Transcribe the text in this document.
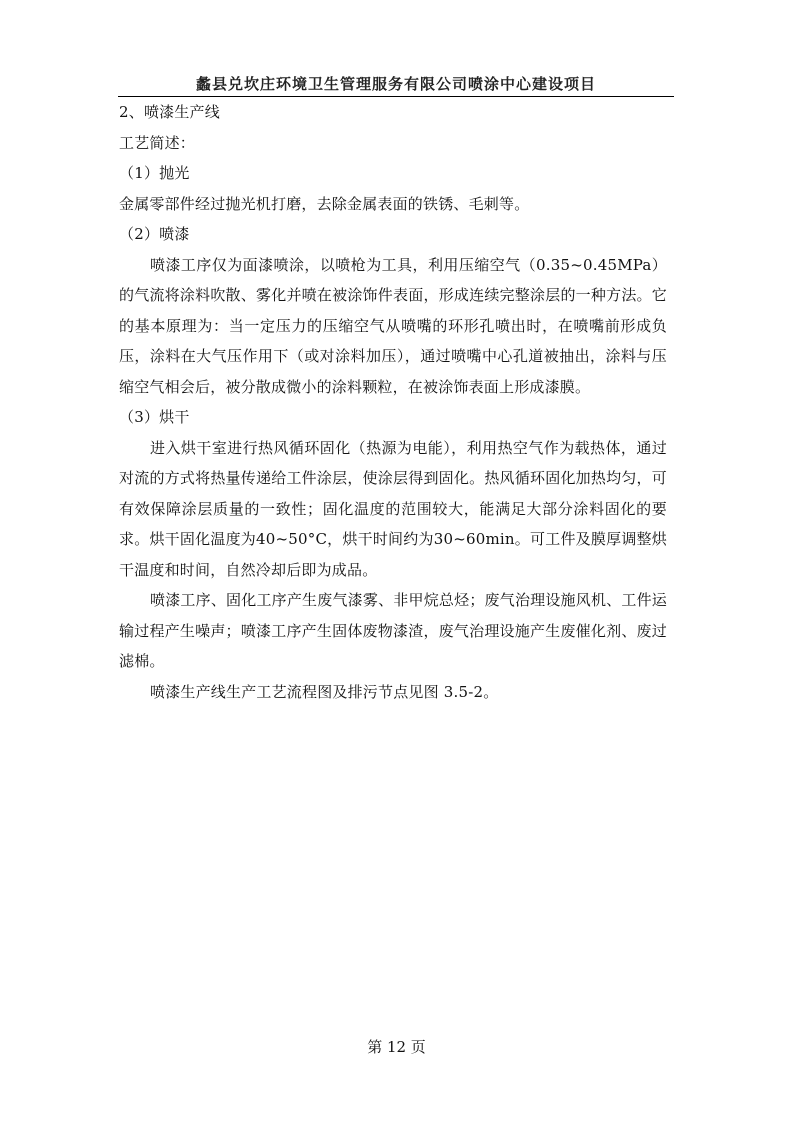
蠡县兑坎庄环境卫生管理服务有限公司喷涂中心建设项目

2、喷漆生产线

工艺简述：

（1）抛光

金属零部件经过抛光机打磨，去除金属表面的铁锈、毛刺等。

（2）喷漆

喷漆工序仅为面漆喷涂，以喷枪为工具，利用压缩空气（0.35~0.45MPa）的气流将涂料吹散、雾化并喷在被涂饰件表面，形成连续完整涂层的一种方法。它的基本原理为：当一定压力的压缩空气从喷嘴的环形孔喷出时，在喷嘴前形成负压，涂料在大气压作用下（或对涂料加压），通过喷嘴中心孔道被抽出，涂料与压缩空气相会后，被分散成微小的涂料颗粒，在被涂饰表面上形成漆膜。

（3）烘干

进入烘干室进行热风循环固化（热源为电能），利用热空气作为载热体，通过对流的方式将热量传递给工件涂层，使涂层得到固化。热风循环固化加热均匀，可有效保障涂层质量的一致性；固化温度的范围较大，能满足大部分涂料固化的要求。烘干固化温度为40~50°C，烘干时间约为30~60min。可工件及膜厚调整烘干温度和时间，自然冷却后即为成品。

喷漆工序、固化工序产生废气漆雾、非甲烷总烃；废气治理设施风机、工件运输过程产生噪声；喷漆工序产生固体废物漆渣，废气治理设施产生废催化剂、废过滤棉。

喷漆生产线生产工艺流程图及排污节点见图 3.5-2。

第 12 页
